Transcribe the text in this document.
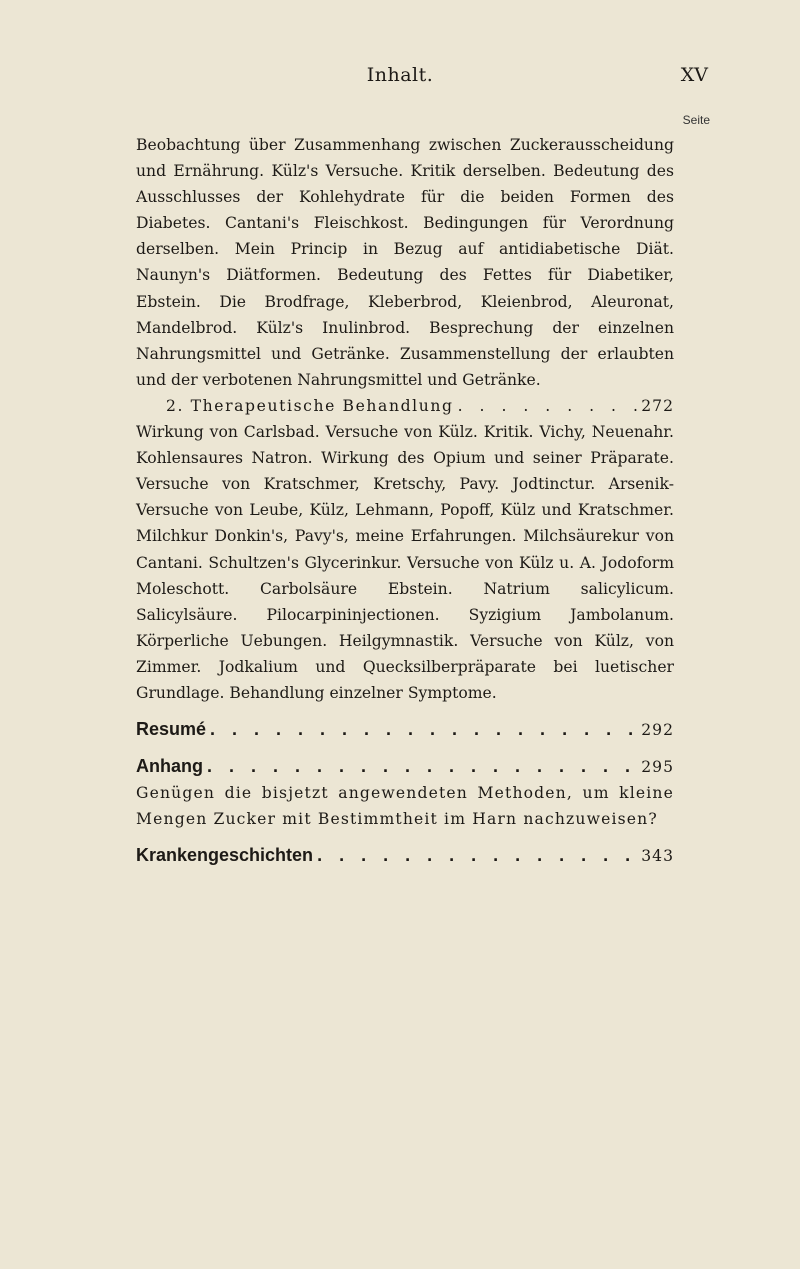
Inhalt.	XV
Seite

Beobachtung über Zusammenhang zwischen Zuckerausscheidung und Ernährung. Külz's Versuche. Kritik derselben. Bedeutung des Ausschlusses der Kohlehydrate für die beiden Formen des Diabetes. Cantani's Fleischkost. Bedingungen für Verordnung derselben. Mein Princip in Bezug auf antidiabetische Diät. Naunyn's Diätformen. Bedeutung des Fettes für Diabetiker, Ebstein. Die Brodfrage, Kleberbrod, Kleienbrod, Aleuronat, Mandelbrod. Külz's Inulinbrod. Besprechung der einzelnen Nahrungsmittel und Getränke. Zusammenstellung der erlaubten und der verbotenen Nahrungsmittel und Getränke.

2. Therapeutische Behandlung . . .	272

Wirkung von Carlsbad. Versuche von Külz. Kritik. Vichy, Neuenahr. Kohlensaures Natron. Wirkung des Opium und seiner Präparate. Versuche von Kratschmer, Kretschy, Pavy. Jodtinctur. Arsenik-Versuche von Leube, Külz, Lehmann, Popoff, Külz und Kratschmer. Milchkur Donkin's, Pavy's, meine Erfahrungen. Milchsäurekur von Cantani. Schultzen's Glycerinkur. Versuche von Külz u. A. Jodoform Moleschott. Carbolsäure Ebstein. Natrium salicylicum. Salicylsäure. Pilocarpininjectionen. Syzigium Jambolanum. Körperliche Uebungen. Heilgymnastik. Versuche von Külz, von Zimmer. Jodkalium und Quecksilberpräparate bei luetischer Grundlage. Behandlung einzelner Symptome.

Resumé . . .	292
Anhang . . .	295

Genügen die bisjetzt angewendeten Methoden, um kleine Mengen Zucker mit Bestimmtheit im Harn nachzuweisen?

Krankengeschichten . . .	343
